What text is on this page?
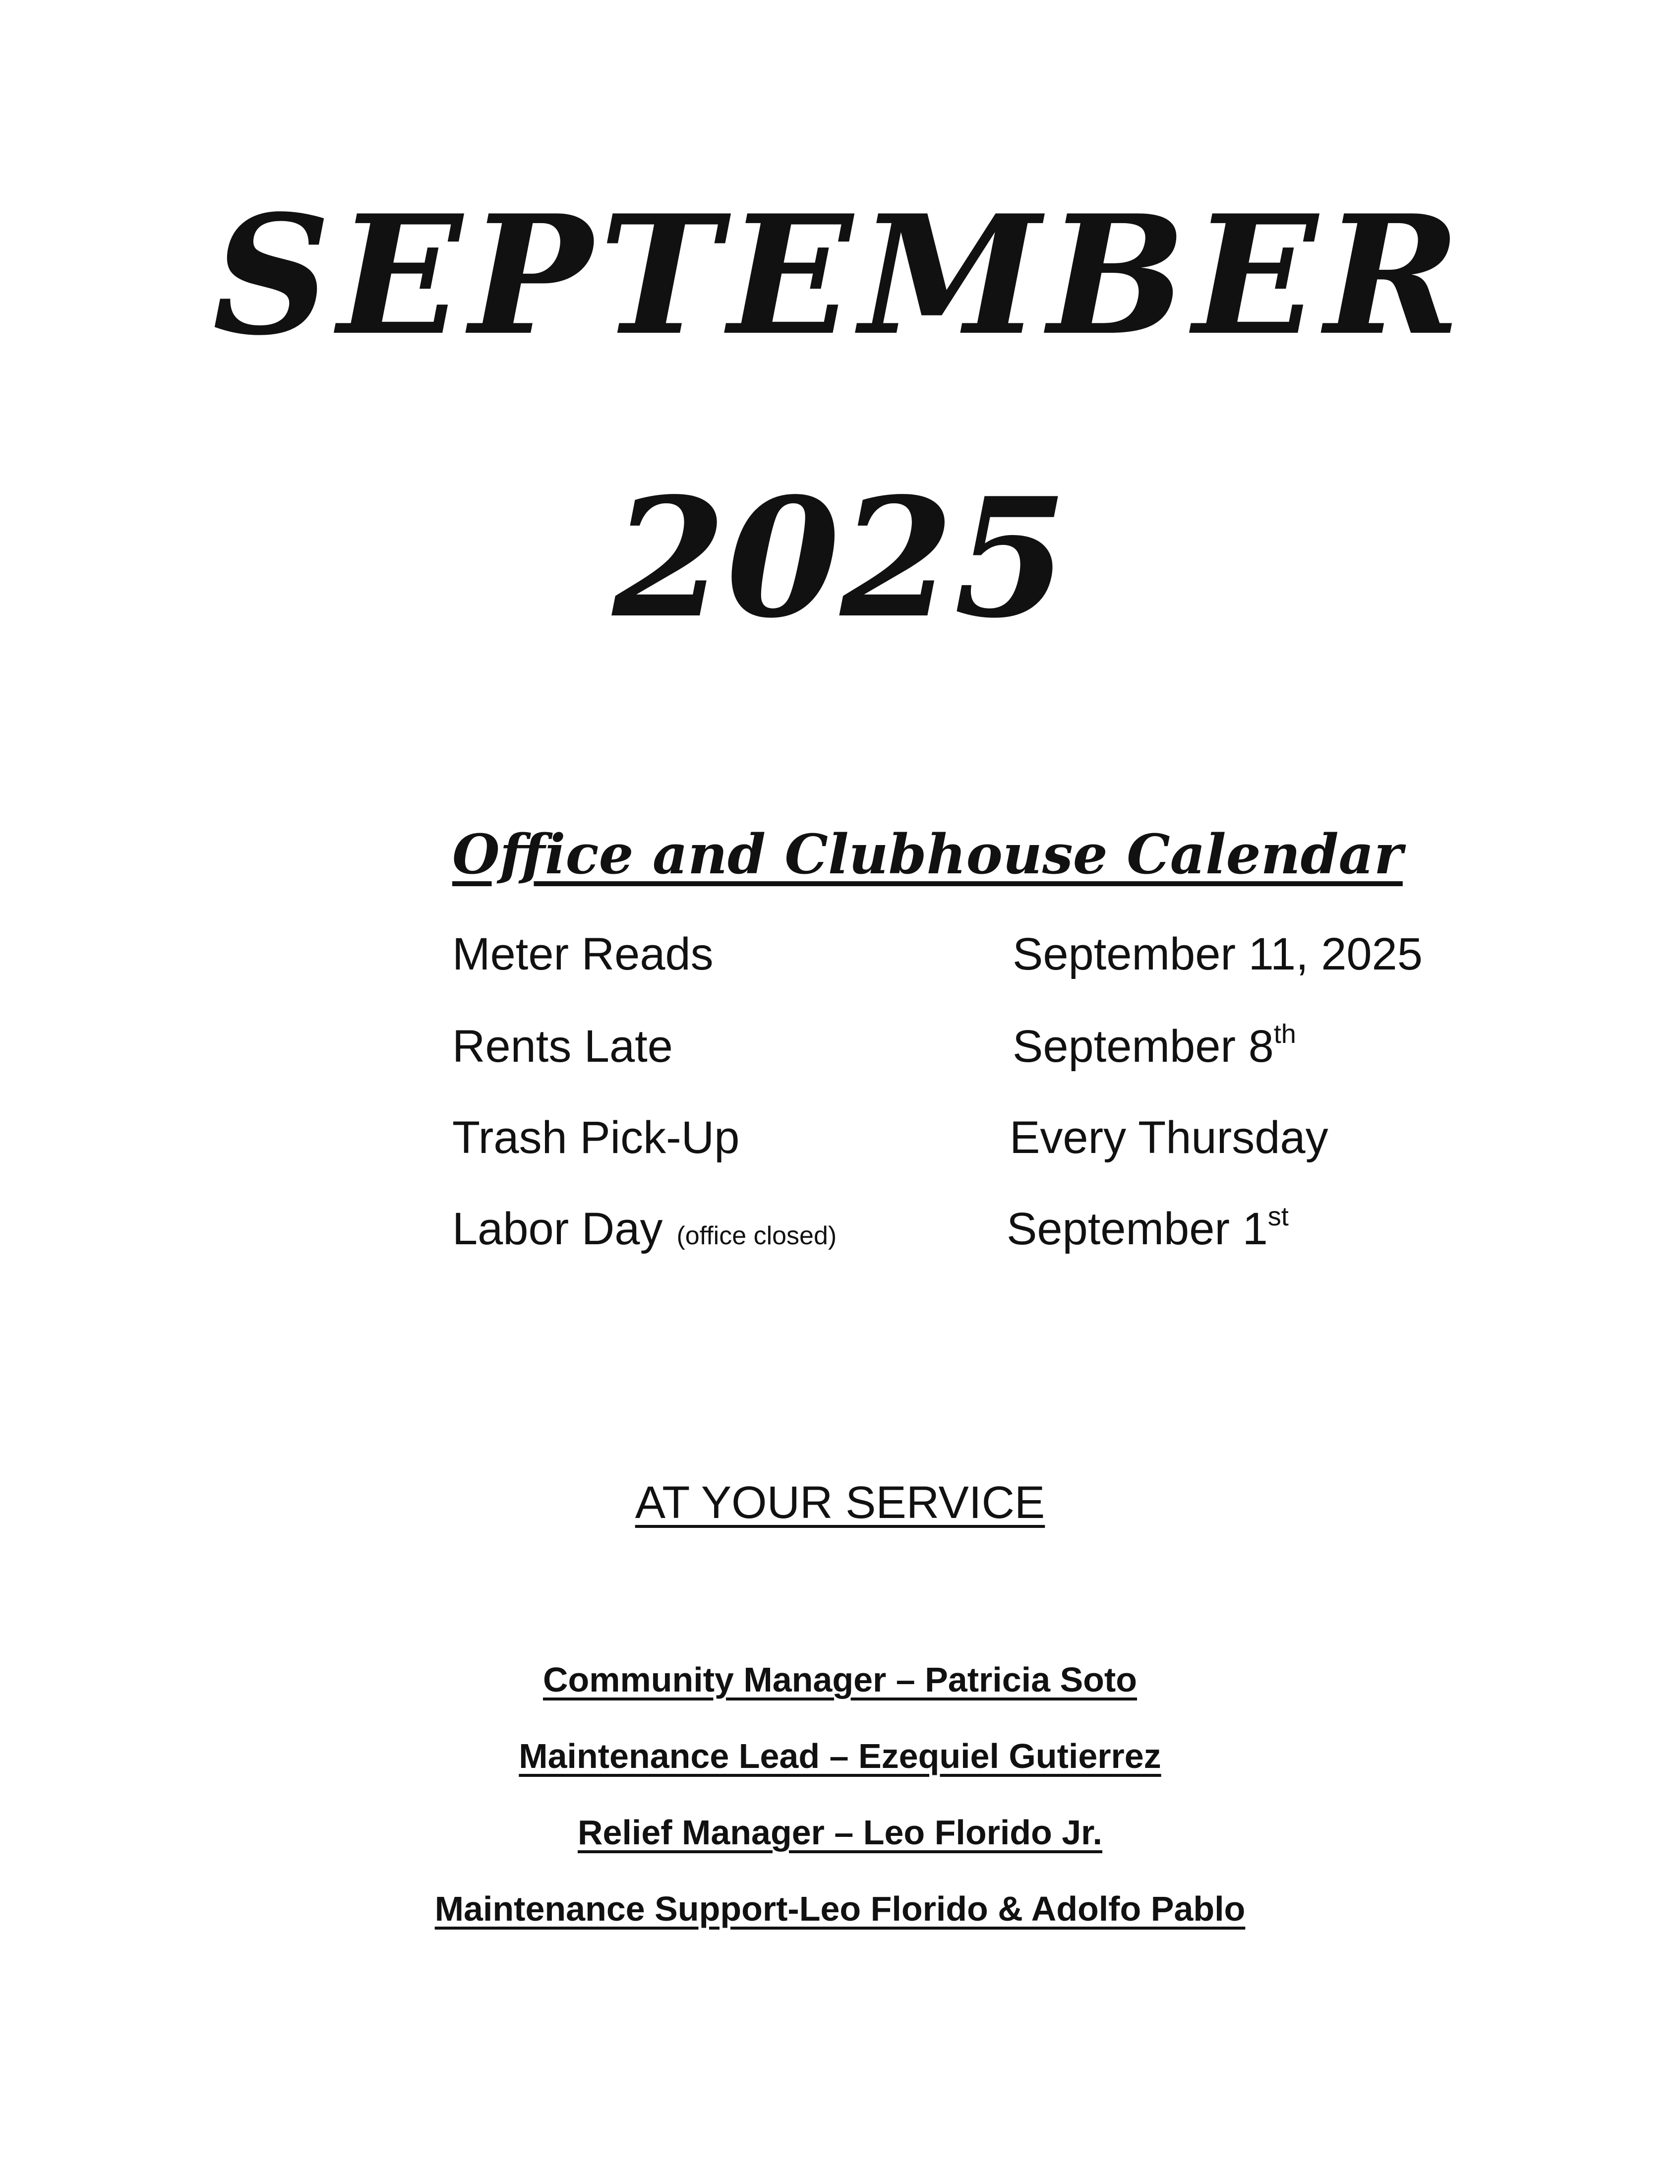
SEPTEMBER
2025
Office and Clubhouse Calendar
Meter Reads	September 11, 2025
Rents Late	September 8th
Trash Pick-Up	Every Thursday
Labor Day (office closed)	September 1st
AT YOUR SERVICE
Community Manager – Patricia Soto
Maintenance Lead – Ezequiel Gutierrez
Relief Manager – Leo Florido Jr.
Maintenance Support-Leo Florido & Adolfo Pablo
